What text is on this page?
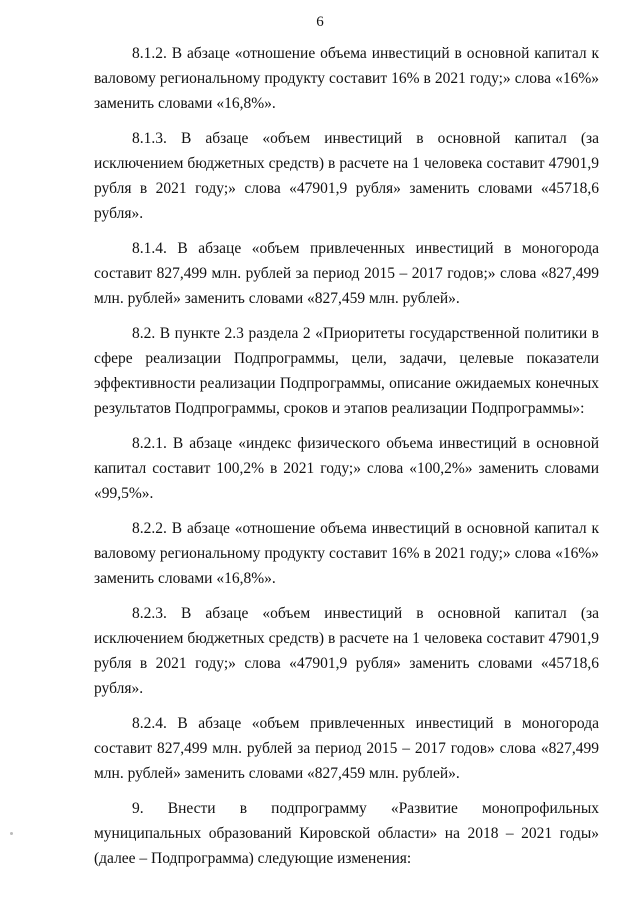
6

8.1.2. В абзаце «отношение объема инвестиций в основной капитал к валовому региональному продукту составит 16% в 2021 году;» слова «16%» заменить словами «16,8%».

8.1.3. В абзаце «объем инвестиций в основной капитал (за исключением бюджетных средств) в расчете на 1 человека составит 47901,9 рубля в 2021 году;» слова «47901,9 рубля» заменить словами «45718,6 рубля».

8.1.4. В абзаце «объем привлеченных инвестиций в моногорода составит 827,499 млн. рублей за период 2015 – 2017 годов;» слова «827,499 млн. рублей» заменить словами «827,459 млн. рублей».

8.2. В пункте 2.3 раздела 2 «Приоритеты государственной политики в сфере реализации Подпрограммы, цели, задачи, целевые показатели эффективности реализации Подпрограммы, описание ожидаемых конечных результатов Подпрограммы, сроков и этапов реализации Подпрограммы»:

8.2.1. В абзаце «индекс физического объема инвестиций в основной капитал составит 100,2% в 2021 году;» слова «100,2%» заменить словами «99,5%».

8.2.2. В абзаце «отношение объема инвестиций в основной капитал к валовому региональному продукту составит 16% в 2021 году;» слова «16%» заменить словами «16,8%».

8.2.3. В абзаце «объем инвестиций в основной капитал (за исключением бюджетных средств) в расчете на 1 человека составит 47901,9 рубля в 2021 году;» слова «47901,9 рубля» заменить словами «45718,6 рубля».

8.2.4. В абзаце «объем привлеченных инвестиций в моногорода составит 827,499 млн. рублей за период 2015 – 2017 годов» слова «827,499 млн. рублей» заменить словами «827,459 млн. рублей».

9. Внести в подпрограмму «Развитие монопрофильных муниципальных образований Кировской области» на 2018 – 2021 годы» (далее – Подпрограмма) следующие изменения:
